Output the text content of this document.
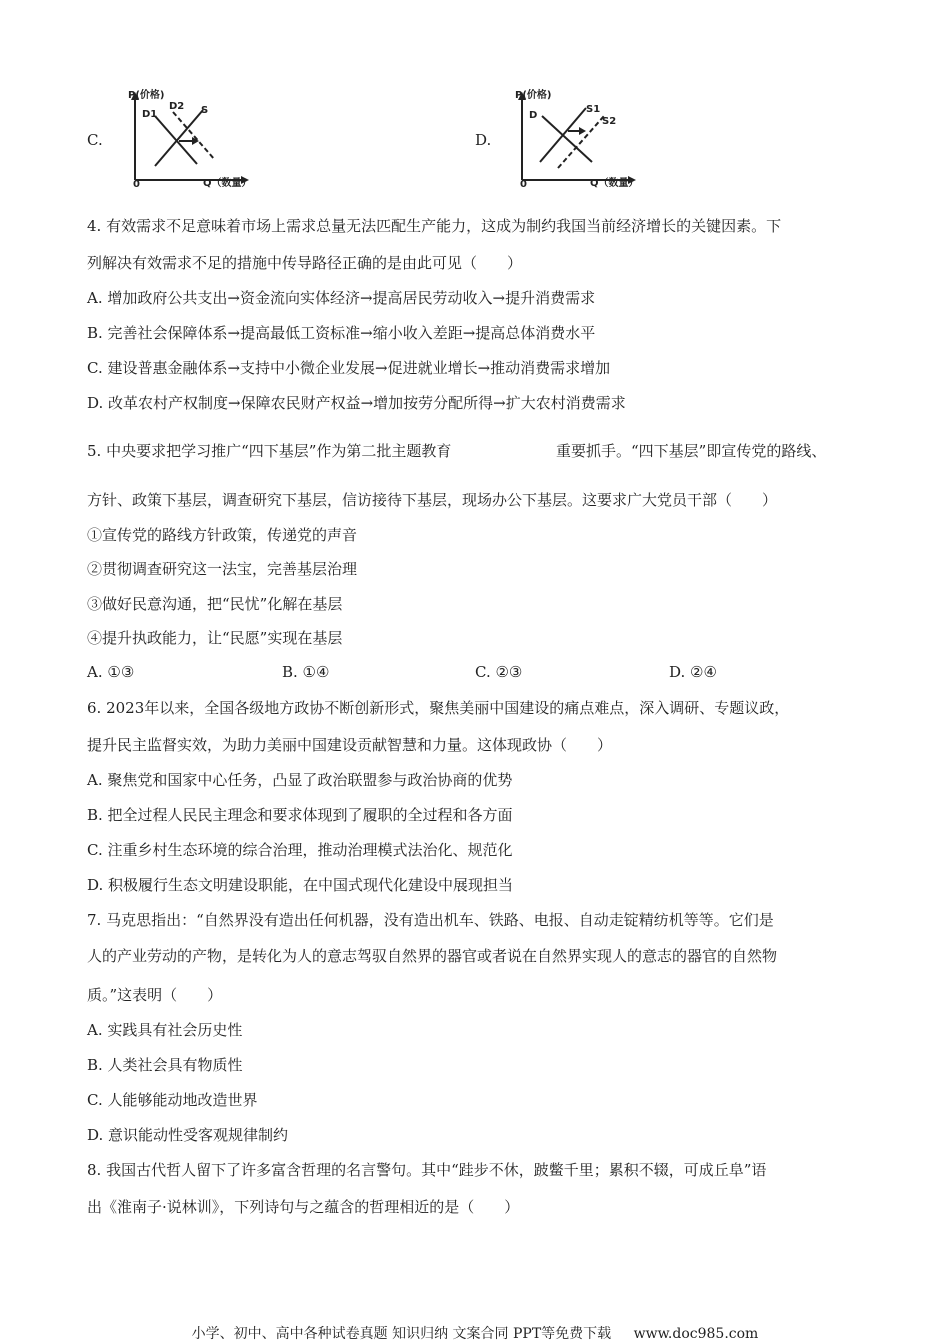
C.
P(价格)
Q（数量）
0
D1
D2 S
D.
P(价格)
Q（数量）
0
D
S1
S2
4. 有效需求不足意味着市场上需求总量无法匹配生产能力，这成为制约我国当前经济增长的关键因素。下
列解决有效需求不足的措施中传导路径正确的是由此可见（　　）
A. 增加政府公共支出→资金流向实体经济→提高居民劳动收入→提升消费需求
B. 完善社会保障体系→提高最低工资标准→缩小收入差距→提高总体消费水平
C. 建设普惠金融体系→支持中小微企业发展→促进就业增长→推动消费需求增加
D. 改革农村产权制度→保障农民财产权益→增加按劳分配所得→扩大农村消费需求
5. 中央要求把学习推广“四下基层”作为第二批主题教育	重要抓手。“四下基层”即宣传党的路线、
方针、政策下基层，调查研究下基层，信访接待下基层，现场办公下基层。这要求广大党员干部（　　）
①宣传党的路线方针政策，传递党的声音
②贯彻调查研究这一法宝，完善基层治理
③做好民意沟通，把“民忧”化解在基层
④提升执政能力，让“民愿”实现在基层
A. ①③	B. ①④	C. ②③	D. ②④
6. 2023年以来，全国各级地方政协不断创新形式，聚焦美丽中国建设的痛点难点，深入调研、专题议政，
提升民主监督实效，为助力美丽中国建设贡献智慧和力量。这体现政协（　　）
A. 聚焦党和国家中心任务，凸显了政治联盟参与政治协商的优势
B. 把全过程人民民主理念和要求体现到了履职的全过程和各方面
C. 注重乡村生态环境的综合治理，推动治理模式法治化、规范化
D. 积极履行生态文明建设职能，在中国式现代化建设中展现担当
7. 马克思指出：“自然界没有造出任何机器，没有造出机车、铁路、电报、自动走锭精纺机等等。它们是
人的产业劳动的产物，是转化为人的意志驾驭自然界的器官或者说在自然界实现人的意志的器官的自然物
质。”这表明（　　）
A. 实践具有社会历史性
B. 人类社会具有物质性
C. 人能够能动地改造世界
D. 意识能动性受客观规律制约
8. 我国古代哲人留下了许多富含哲理的名言警句。其中“跬步不休，跛鳖千里；累积不辍，可成丘阜”语
出《淮南子·说林训》，下列诗句与之蕴含的哲理相近的是（　　）
小学、初中、高中各种试卷真题 知识归纳 文案合同 PPT等免费下载 www.doc985.com
